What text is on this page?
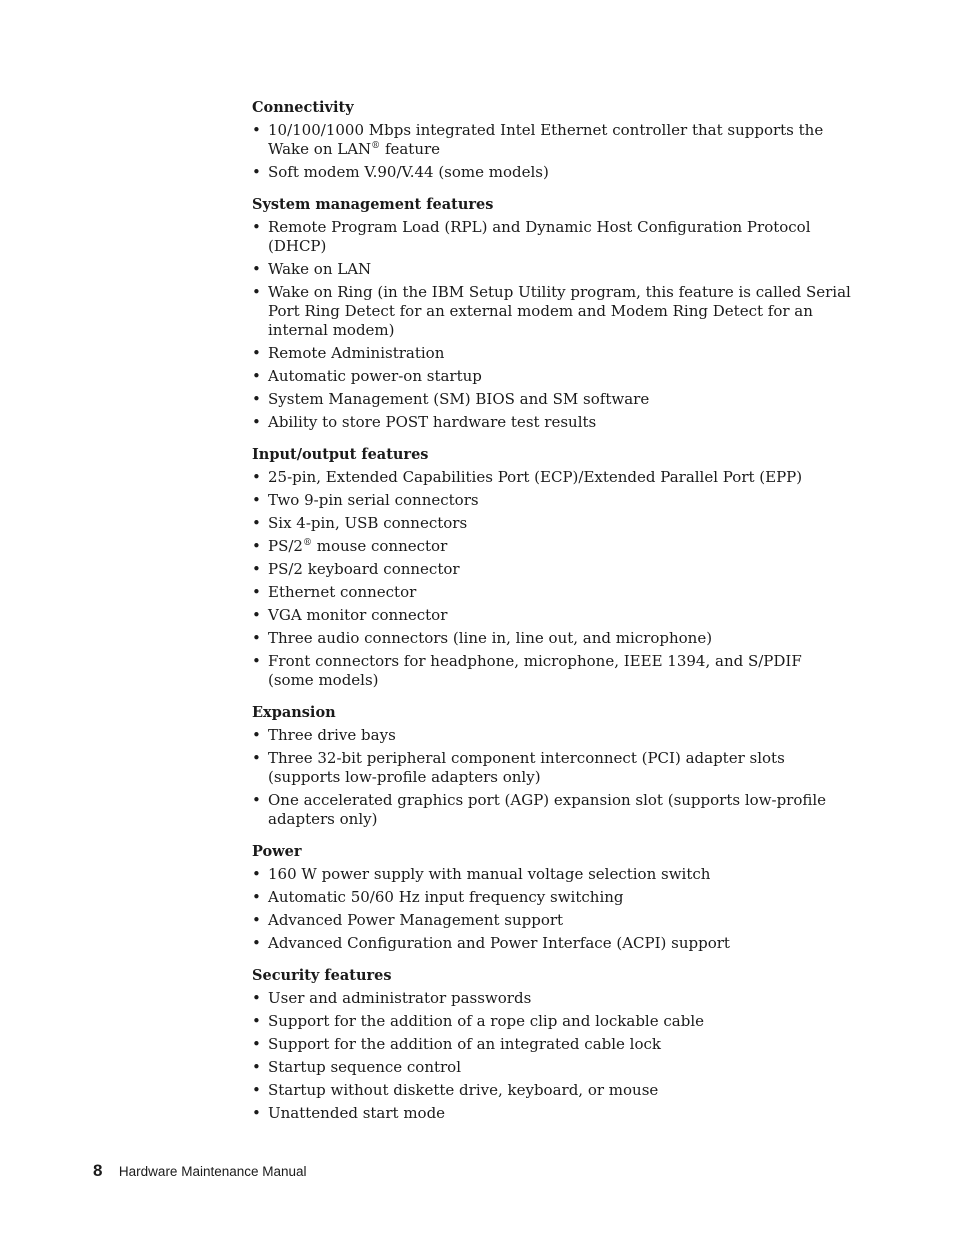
Connectivity
• 10/100/1000 Mbps integrated Intel Ethernet controller that supports the Wake on LAN® feature
• Soft modem V.90/V.44 (some models)
System management features
• Remote Program Load (RPL) and Dynamic Host Configuration Protocol (DHCP)
• Wake on LAN
• Wake on Ring (in the IBM Setup Utility program, this feature is called Serial Port Ring Detect for an external modem and Modem Ring Detect for an internal modem)
• Remote Administration
• Automatic power-on startup
• System Management (SM) BIOS and SM software
• Ability to store POST hardware test results
Input/output features
• 25-pin, Extended Capabilities Port (ECP)/Extended Parallel Port (EPP)
• Two 9-pin serial connectors
• Six 4-pin, USB connectors
• PS/2® mouse connector
• PS/2 keyboard connector
• Ethernet connector
• VGA monitor connector
• Three audio connectors (line in, line out, and microphone)
• Front connectors for headphone, microphone, IEEE 1394, and S/PDIF (some models)
Expansion
• Three drive bays
• Three 32-bit peripheral component interconnect (PCI) adapter slots (supports low-profile adapters only)
• One accelerated graphics port (AGP) expansion slot (supports low-profile adapters only)
Power
• 160 W power supply with manual voltage selection switch
• Automatic 50/60 Hz input frequency switching
• Advanced Power Management support
• Advanced Configuration and Power Interface (ACPI) support
Security features
• User and administrator passwords
• Support for the addition of a rope clip and lockable cable
• Support for the addition of an integrated cable lock
• Startup sequence control
• Startup without diskette drive, keyboard, or mouse
• Unattended start mode
8 Hardware Maintenance Manual
